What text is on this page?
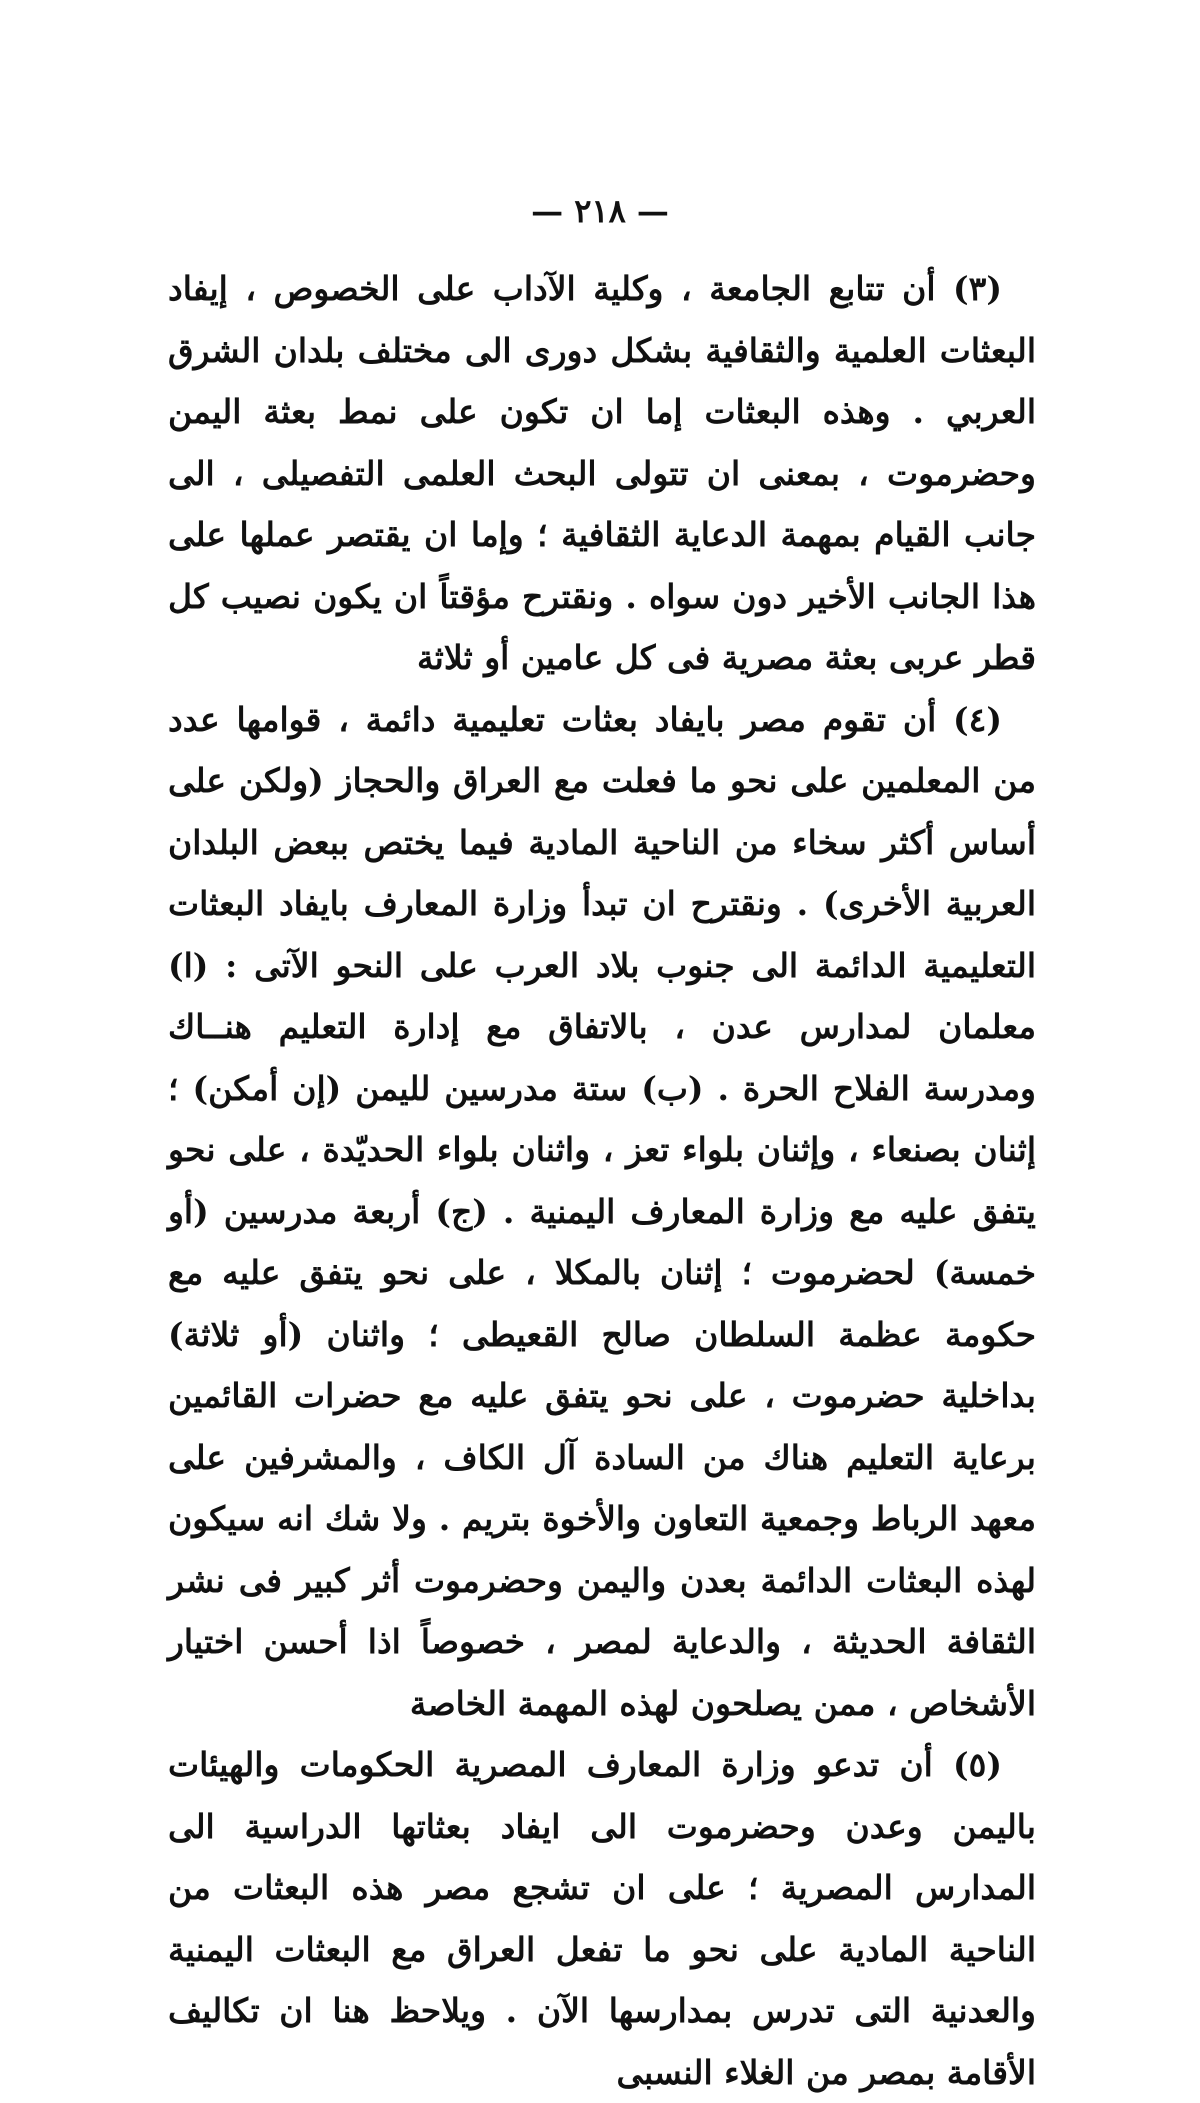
— ٢١٨ —

(٣) أن تتابع الجامعة ، وكلية الآداب على الخصوص ، إيفاد البعثات العلمية والثقافية بشكل دورى الى مختلف بلدان الشرق العربي . وهذه البعثات إما ان تكون على نمط بعثة اليمن وحضرموت ، بمعنى ان تتولى البحث العلمى التفصيلى ، الى جانب القيام بمهمة الدعاية الثقافية ؛ وإما ان يقتصر عملها على هذا الجانب الأخير دون سواه . ونقترح مؤقتاً ان يكون نصيب كل قطر عربى بعثة مصرية فى كل عامين أو ثلاثة

(٤) أن تقوم مصر بايفاد بعثات تعليمية دائمة ، قوامها عدد من المعلمين على نحو ما فعلت مع العراق والحجاز (ولكن على أساس أكثر سخاء من الناحية المادية فيما يختص ببعض البلدان العربية الأخرى) . ونقترح ان تبدأ وزارة المعارف بايفاد البعثات التعليمية الدائمة الى جنوب بلاد العرب على النحو الآتى : (ا) معلمان لمدارس عدن ، بالاتفاق مع إدارة التعليم هنــاك ومدرسة الفلاح الحرة . (ب) ستة مدرسين لليمن (إن أمكن) ؛ إثنان بصنعاء ، وإثنان بلواء تعز ، واثنان بلواء الحديّدة ، على نحو يتفق عليه مع وزارة المعارف اليمنية . (ج) أربعة مدرسين (أو خمسة) لحضرموت ؛ إثنان بالمكلا ، على نحو يتفق عليه مع حكومة عظمة السلطان صالح القعيطى ؛ واثنان (أو ثلاثة) بداخلية حضرموت ، على نحو يتفق عليه مع حضرات القائمين برعاية التعليم هناك من السادة آل الكاف ، والمشرفين على معهد الرباط وجمعية التعاون والأخوة بتريم . ولا شك انه سيكون لهذه البعثات الدائمة بعدن واليمن وحضرموت أثر كبير فى نشر الثقافة الحديثة ، والدعاية لمصر ، خصوصاً اذا أحسن اختيار الأشخاص ، ممن يصلحون لهذه المهمة الخاصة

(٥) أن تدعو وزارة المعارف المصرية الحكومات والهيئات باليمن وعدن وحضرموت الى ايفاد بعثاتها الدراسية الى المدارس المصرية ؛ على ان تشجع مصر هذه البعثات من الناحية المادية على نحو ما تفعل العراق مع البعثات اليمنية والعدنية التى تدرس بمدارسها الآن . ويلاحظ هنا ان تكاليف الأقامة بمصر من الغلاء النسبى
